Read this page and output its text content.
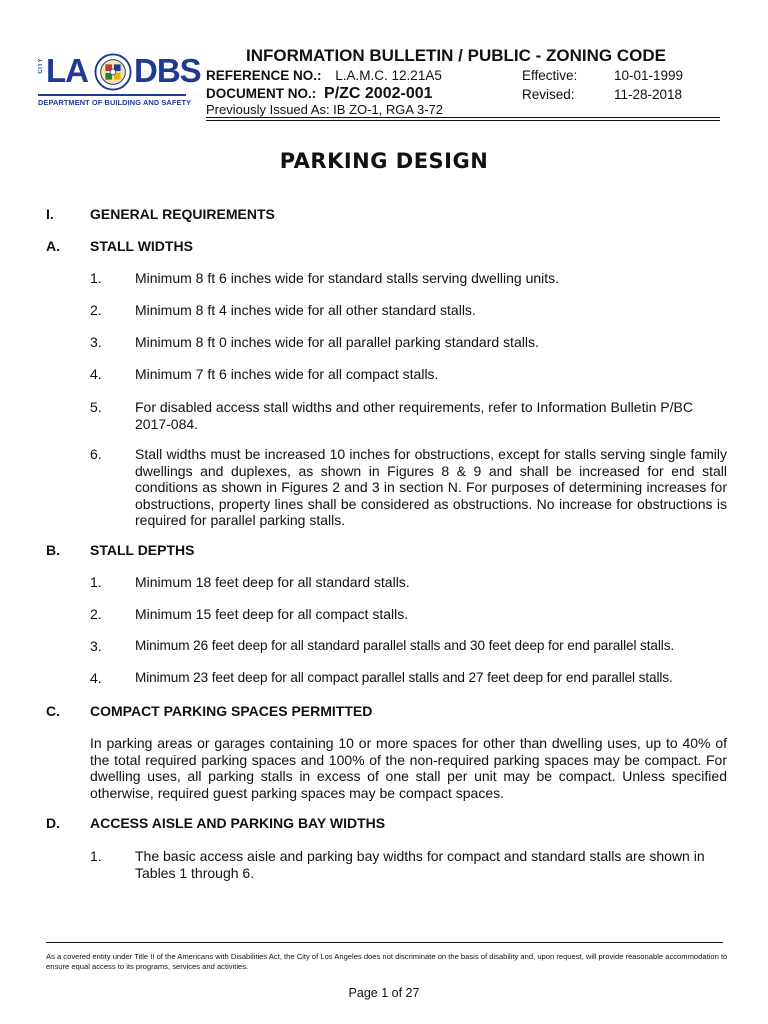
CITY LA DBS
DEPARTMENT OF BUILDING AND SAFETY
INFORMATION BULLETIN / PUBLIC - ZONING CODE
REFERENCE NO.: L.A.M.C. 12.21A5	Effective:	10-01-1999
DOCUMENT NO.: P/ZC 2002-001	Revised:	11-28-2018
Previously Issued As: IB ZO-1, RGA 3-72
PARKING DESIGN
I.	GENERAL REQUIREMENTS
A. STALL WIDTHS
1. Minimum 8 ft 6 inches wide for standard stalls serving dwelling units.
2. Minimum 8 ft 4 inches wide for all other standard stalls.
3. Minimum 8 ft 0 inches wide for all parallel parking standard stalls.
4. Minimum 7 ft 6 inches wide for all compact stalls.
5. For disabled access stall widths and other requirements, refer to Information Bulletin P/BC 2017-084.
6. Stall widths must be increased 10 inches for obstructions, except for stalls serving single family dwellings and duplexes, as shown in Figures 8 & 9 and shall be increased for end stall conditions as shown in Figures 2 and 3 in section N. For purposes of determining increases for obstructions, property lines shall be considered as obstructions. No increase for obstructions is required for parallel parking stalls.
B. STALL DEPTHS
1. Minimum 18 feet deep for all standard stalls.
2. Minimum 15 feet deep for all compact stalls.
3. Minimum 26 feet deep for all standard parallel stalls and 30 feet deep for end parallel stalls.
4. Minimum 23 feet deep for all compact parallel stalls and 27 feet deep for end parallel stalls.
C. COMPACT PARKING SPACES PERMITTED
In parking areas or garages containing 10 or more spaces for other than dwelling uses, up to 40% of the total required parking spaces and 100% of the non-required parking spaces may be compact. For dwelling uses, all parking stalls in excess of one stall per unit may be compact. Unless specified otherwise, required guest parking spaces may be compact spaces.
D. ACCESS AISLE AND PARKING BAY WIDTHS
1. The basic access aisle and parking bay widths for compact and standard stalls are shown in Tables 1 through 6.
As a covered entity under Title II of the Americans with Disabilities Act, the City of Los Angeles does not discriminate on the basis of disability and, upon request, will provide reasonable accommodation to ensure equal access to its programs, services and activities.
Page 1 of 27
